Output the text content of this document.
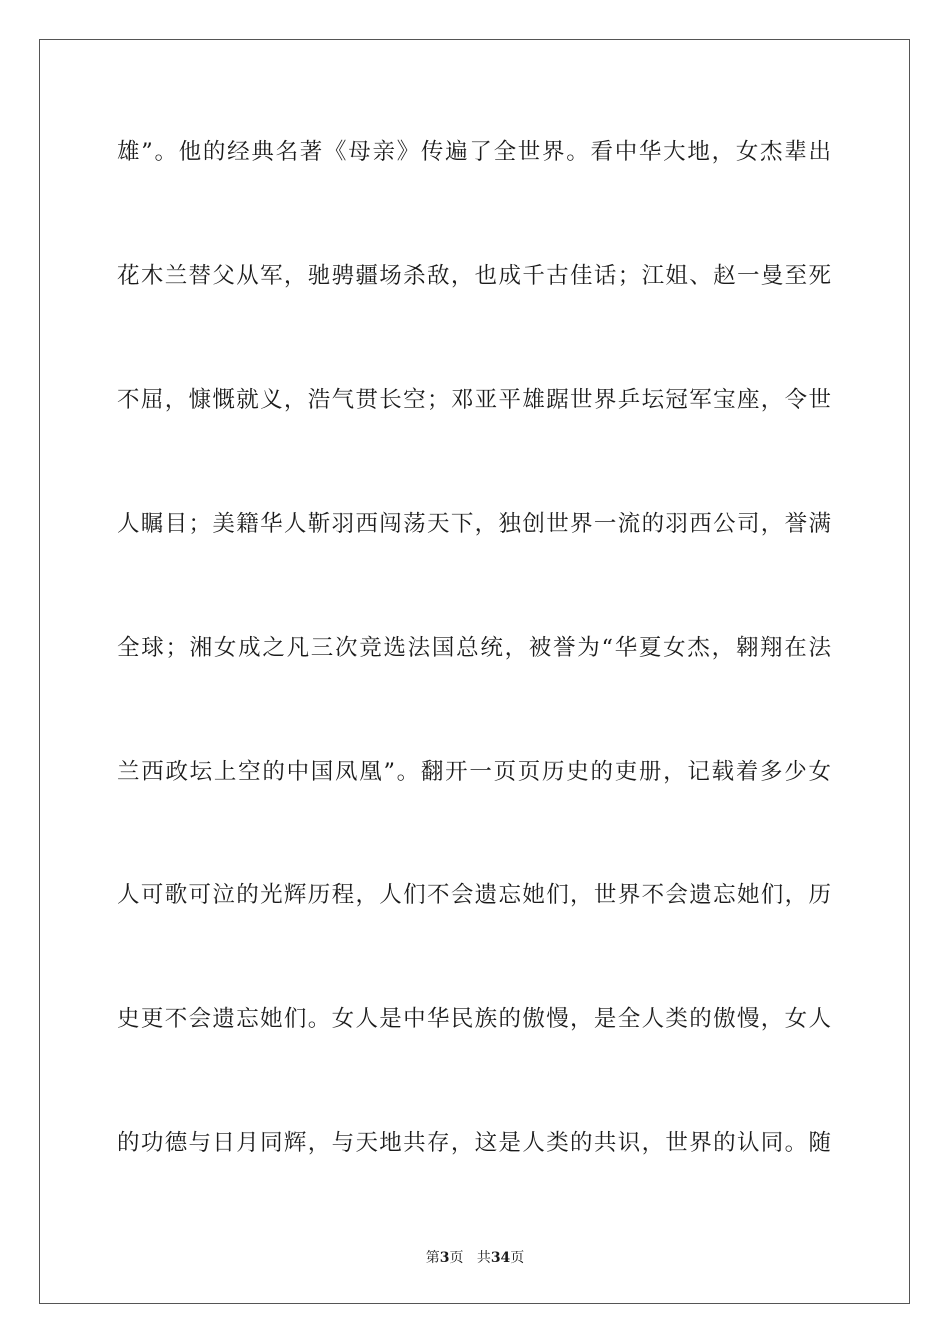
雄”。他的经典名著《母亲》传遍了全世界。看中华大地，女杰辈出
花木兰替父从军，驰骋疆场杀敌，也成千古佳话；江姐、赵一曼至死
不屈，慷慨就义，浩气贯长空；邓亚平雄踞世界乒坛冠军宝座，令世
人瞩目；美籍华人靳羽西闯荡天下，独创世界一流的羽西公司，誉满
全球；湘女成之凡三次竞选法国总统，被誉为“华夏女杰，翱翔在法
兰西政坛上空的中国凤凰”。翻开一页页历史的吏册，记载着多少女
人可歌可泣的光辉历程，人们不会遗忘她们，世界不会遗忘她们，历
史更不会遗忘她们。女人是中华民族的傲慢，是全人类的傲慢，女人
的功德与日月同辉，与天地共存，这是人类的共识，世界的认同。随
第3页 共34页
